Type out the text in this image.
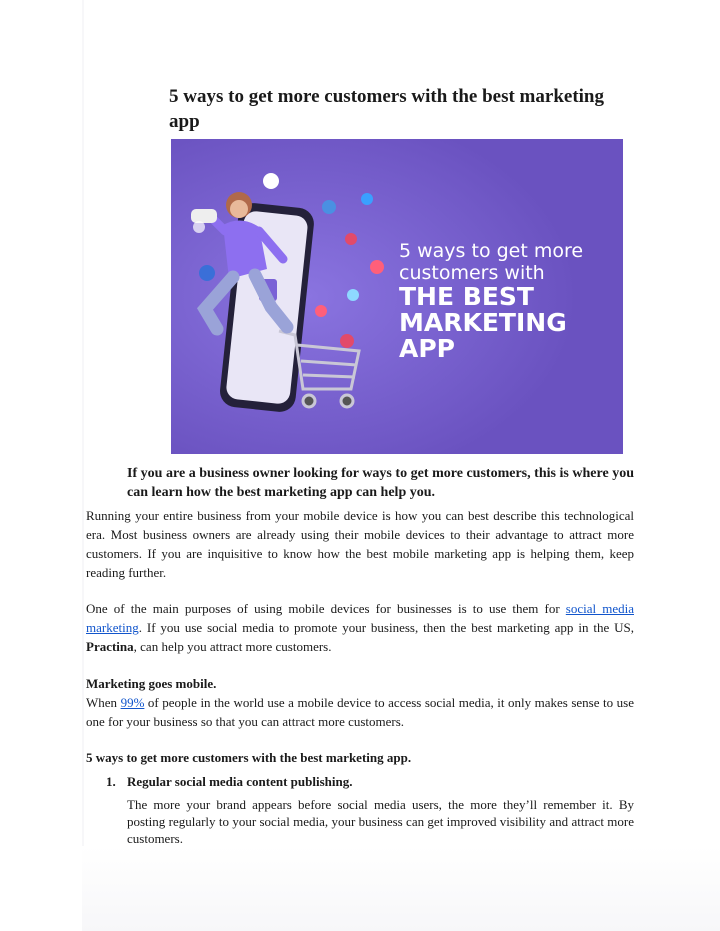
5 ways to get more customers with the best marketing app
5 ways to get more
customers with
THE BEST
MARKETING
APP
If you are a business owner looking for ways to get more customers, this is where you can learn how the best marketing app can help you.

Running your entire business from your mobile device is how you can best describe this technological era. Most business owners are already using their mobile devices to their advantage to attract more customers. If you are inquisitive to know how the best mobile marketing app is helping them, keep reading further.

One of the main purposes of using mobile devices for businesses is to use them for social media marketing. If you use social media to promote your business, then the best marketing app in the US, Practina, can help you attract more customers.

Marketing goes mobile.

When 99% of people in the world use a mobile device to access social media, it only makes sense to use one for your business so that you can attract more customers.

5 ways to get more customers with the best marketing app.
1. Regular social media content publishing.

The more your brand appears before social media users, the more they’ll remember it. By posting regularly to your social media, your business can get improved visibility and attract more customers.
